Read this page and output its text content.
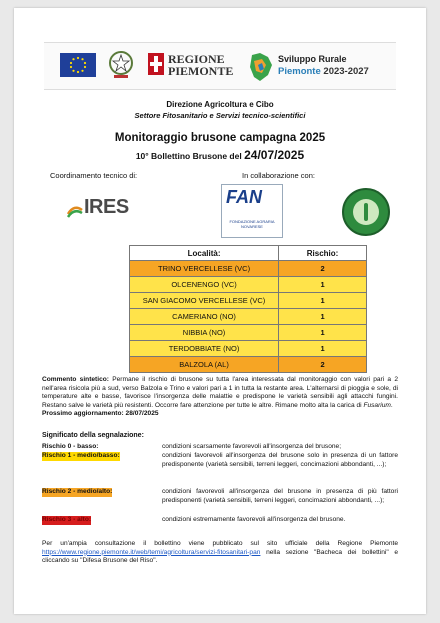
REGIONE
PIEMONTE
Sviluppo Rurale
Piemonte 2023-2027
Direzione Agricoltura e Cibo
Settore Fitosanitario e Servizi tecnico-scientifici
Monitoraggio brusone campagna 2025
10° Bollettino Brusone del 24/07/2025
Coordinamento tecnico di:	In collaborazione con:
IRES	FAN
FONDAZIONE AGRARIA NOVARESE
Località:	Rischio:
TRINO VERCELLESE (VC)	2
OLCENENGO (VC)	1
SAN GIACOMO VERCELLESE (VC)	1
CAMERIANO (NO)	1
NIBBIA (NO)	1
TERDOBBIATE (NO)	1
BALZOLA (AL)	2
Commento sintetico: Permane il rischio di brusone su tutta l'area interessata dal monitoraggio con valori pari a 2 nell'area risicola più a sud, verso Balzola e Trino e valori pari a 1 in tutta la restante area. L'alternarsi di pioggia e sole, di temperature alte e basse, favorisce l'insorgenza delle malattie e predispone le varietà sensibili agli attacchi fungini. Restano salve le varietà più resistenti. Occorre fare attenzione per tutte le altre. Rimane molto alta la carica di Fusarium.
Prossimo aggiornamento: 28/07/2025
Significato della segnalazione:
Rischio 0 - basso:	condizioni scarsamente favorevoli all'insorgenza del brusone;
Rischio 1 - medio/basso:	condizioni favorevoli all'insorgenza del brusone solo in presenza di un fattore predisponente (varietà sensibili, terreni leggeri, concimazioni abbondanti, ...);
Rischio 2 - medio/alto:	condizioni favorevoli all'insorgenza del brusone in presenza di più fattori predisponenti (varietà sensibili, terreni leggeri, concimazioni abbondanti, ...);
Rischio 3 - alto:	condizioni estremamente favorevoli all'insorgenza del brusone.
Per un'ampia consultazione il bollettino viene pubblicato sul sito ufficiale della Regione Piemonte https://www.regione.piemonte.it/web/temi/agricoltura/servizi-fitosanitari-pan nella sezione "Bacheca dei bollettini" e cliccando su "Difesa Brusone del Riso".
